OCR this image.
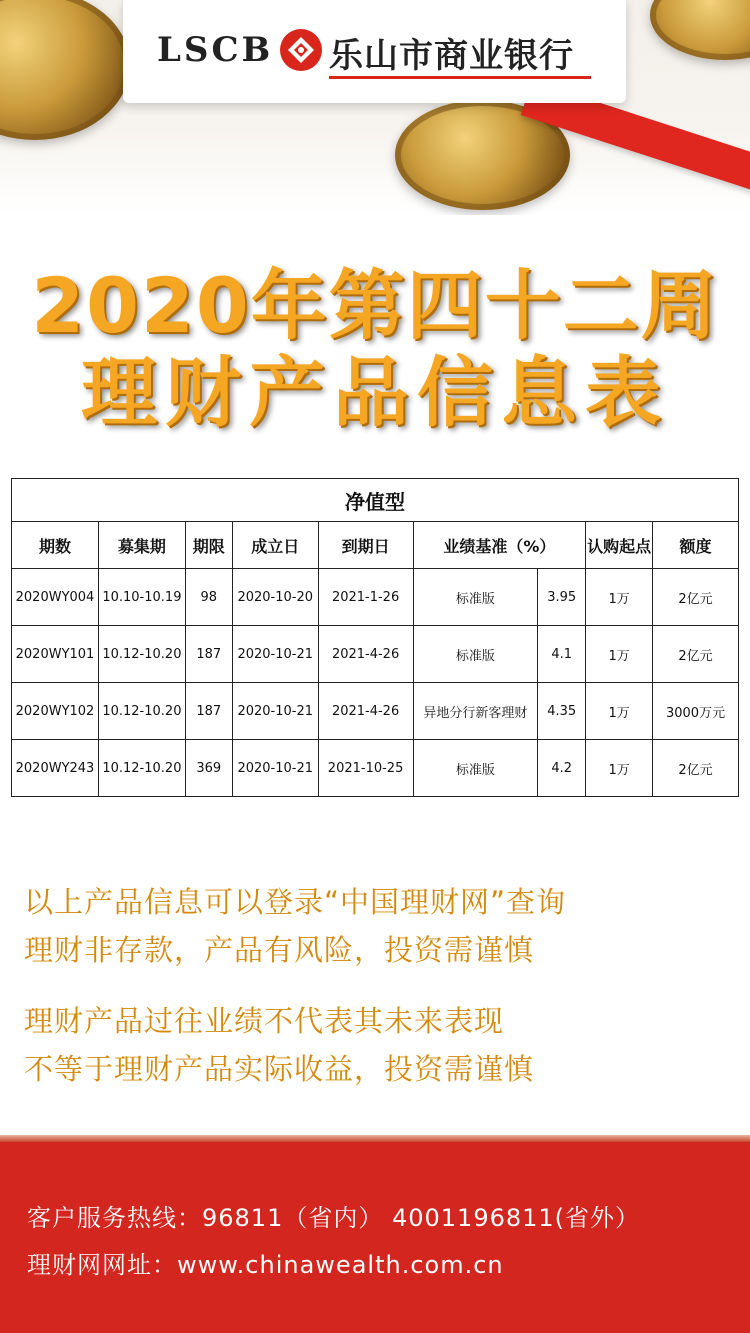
LSCB 乐山市商业银行
2020年第四十二周
理财产品信息表
净值型								
期数	募集期	期限	成立日	到期日	业绩基准（%）		认购起点	额度
2020WY004	10.10-10.19	98	2020-10-20	2021-1-26	标准版	3.95	1万	2亿元
2020WY101	10.12-10.20	187	2020-10-21	2021-4-26	标准版	4.1	1万	2亿元
2020WY102	10.12-10.20	187	2020-10-21	2021-4-26	异地分行新客理财	4.35	1万	3000万元
2020WY243	10.12-10.20	369	2020-10-21	2021-10-25	标准版	4.2	1万	2亿元
以上产品信息可以登录“中国理财网”查询
理财非存款，产品有风险，投资需谨慎
理财产品过往业绩不代表其未来表现
不等于理财产品实际收益，投资需谨慎
客户服务热线：96811（省内） 4001196811(省外）
理财网网址：www.chinawealth.com.cn
